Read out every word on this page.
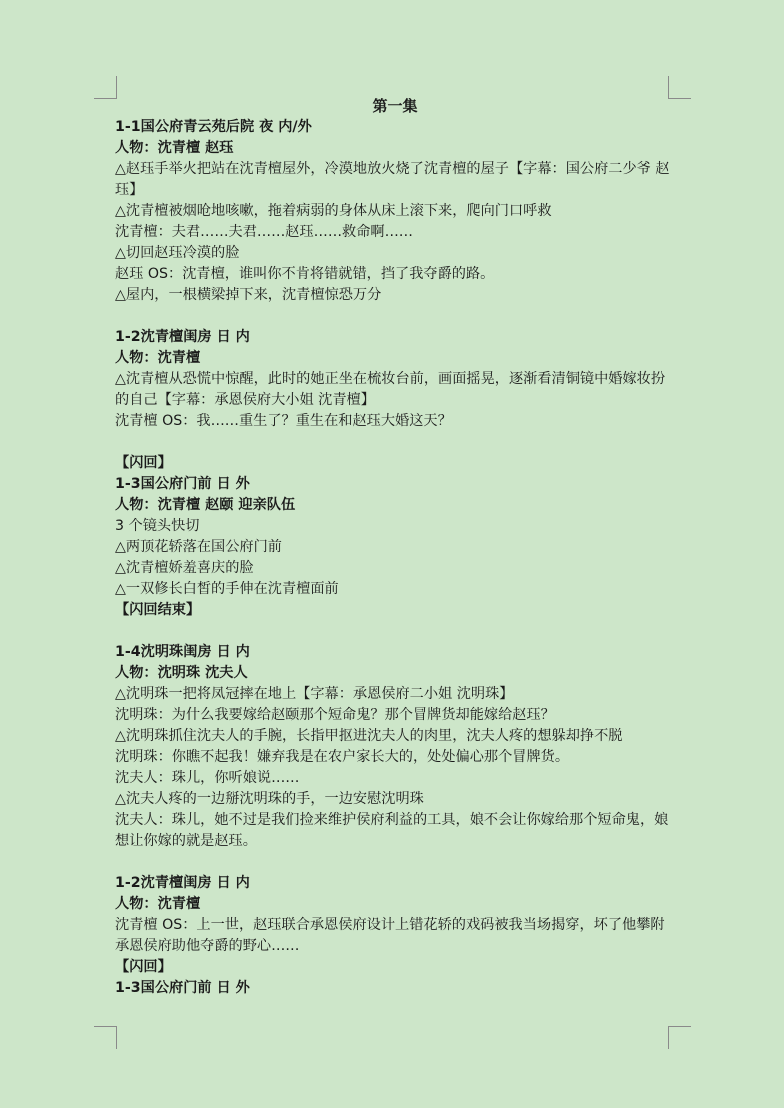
第一集
1-1国公府青云苑后院 夜 内/外
人物：沈青檀 赵珏
△赵珏手举火把站在沈青檀屋外，冷漠地放火烧了沈青檀的屋子【字幕：国公府二少爷 赵珏】
△沈青檀被烟呛地咳嗽，拖着病弱的身体从床上滚下来，爬向门口呼救
沈青檀：夫君……夫君……赵珏……救命啊……
△切回赵珏冷漠的脸
赵珏 OS：沈青檀，谁叫你不肯将错就错，挡了我夺爵的路。
△屋内，一根横梁掉下来，沈青檀惊恐万分
1-2沈青檀闺房 日 内
人物：沈青檀
△沈青檀从恐慌中惊醒，此时的她正坐在梳妆台前，画面摇晃，逐渐看清铜镜中婚嫁妆扮的自己【字幕：承恩侯府大小姐 沈青檀】
沈青檀 OS：我……重生了？重生在和赵珏大婚这天？
【闪回】
1-3国公府门前 日 外
人物：沈青檀 赵颐 迎亲队伍
3 个镜头快切
△两顶花轿落在国公府门前
△沈青檀娇羞喜庆的脸
△一双修长白皙的手伸在沈青檀面前
【闪回结束】
1-4沈明珠闺房 日 内
人物：沈明珠 沈夫人
△沈明珠一把将凤冠摔在地上【字幕：承恩侯府二小姐 沈明珠】
沈明珠：为什么我要嫁给赵颐那个短命鬼？那个冒牌货却能嫁给赵珏？
△沈明珠抓住沈夫人的手腕，长指甲抠进沈夫人的肉里，沈夫人疼的想躲却挣不脱
沈明珠：你瞧不起我！嫌弃我是在农户家长大的，处处偏心那个冒牌货。
沈夫人：珠儿，你听娘说……
△沈夫人疼的一边掰沈明珠的手，一边安慰沈明珠
沈夫人：珠儿，她不过是我们捡来维护侯府利益的工具，娘不会让你嫁给那个短命鬼，娘想让你嫁的就是赵珏。
1-2沈青檀闺房 日 内
人物：沈青檀
沈青檀 OS：上一世，赵珏联合承恩侯府设计上错花轿的戏码被我当场揭穿，坏了他攀附承恩侯府助他夺爵的野心……
【闪回】
1-3国公府门前 日 外
